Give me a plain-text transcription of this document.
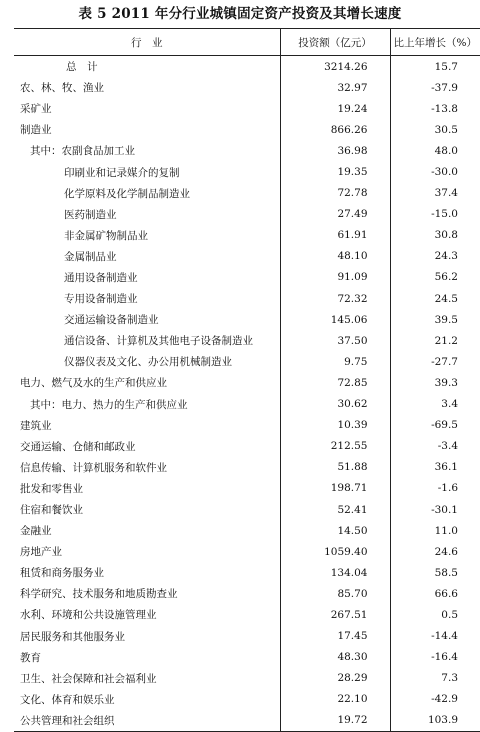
表 5 2011 年分行业城镇固定资产投资及其增长速度
行　业	投资额（亿元）	比上年增长（%）
总　计	3214.26	15.7
农、林、牧、渔业	32.97	-37.9
采矿业	19.24	-13.8
制造业	866.26	30.5
其中：农副食品加工业	36.98	48.0
印刷业和记录媒介的复制	19.35	-30.0
化学原料及化学制品制造业	72.78	37.4
医药制造业	27.49	-15.0
非金属矿物制品业	61.91	30.8
金属制品业	48.10	24.3
通用设备制造业	91.09	56.2
专用设备制造业	72.32	24.5
交通运输设备制造业	145.06	39.5
通信设备、计算机及其他电子设备制造业	37.50	21.2
仪器仪表及文化、办公用机械制造业	9.75	-27.7
电力、燃气及水的生产和供应业	72.85	39.3
其中：电力、热力的生产和供应业	30.62	3.4
建筑业	10.39	-69.5
交通运输、仓储和邮政业	212.55	-3.4
信息传输、计算机服务和软件业	51.88	36.1
批发和零售业	198.71	-1.6
住宿和餐饮业	52.41	-30.1
金融业	14.50	11.0
房地产业	1059.40	24.6
租赁和商务服务业	134.04	58.5
科学研究、技术服务和地质勘查业	85.70	66.6
水利、环境和公共设施管理业	267.51	0.5
居民服务和其他服务业	17.45	-14.4
教育	48.30	-16.4
卫生、社会保障和社会福利业	28.29	7.3
文化、体育和娱乐业	22.10	-42.9
公共管理和社会组织	19.72	103.9
